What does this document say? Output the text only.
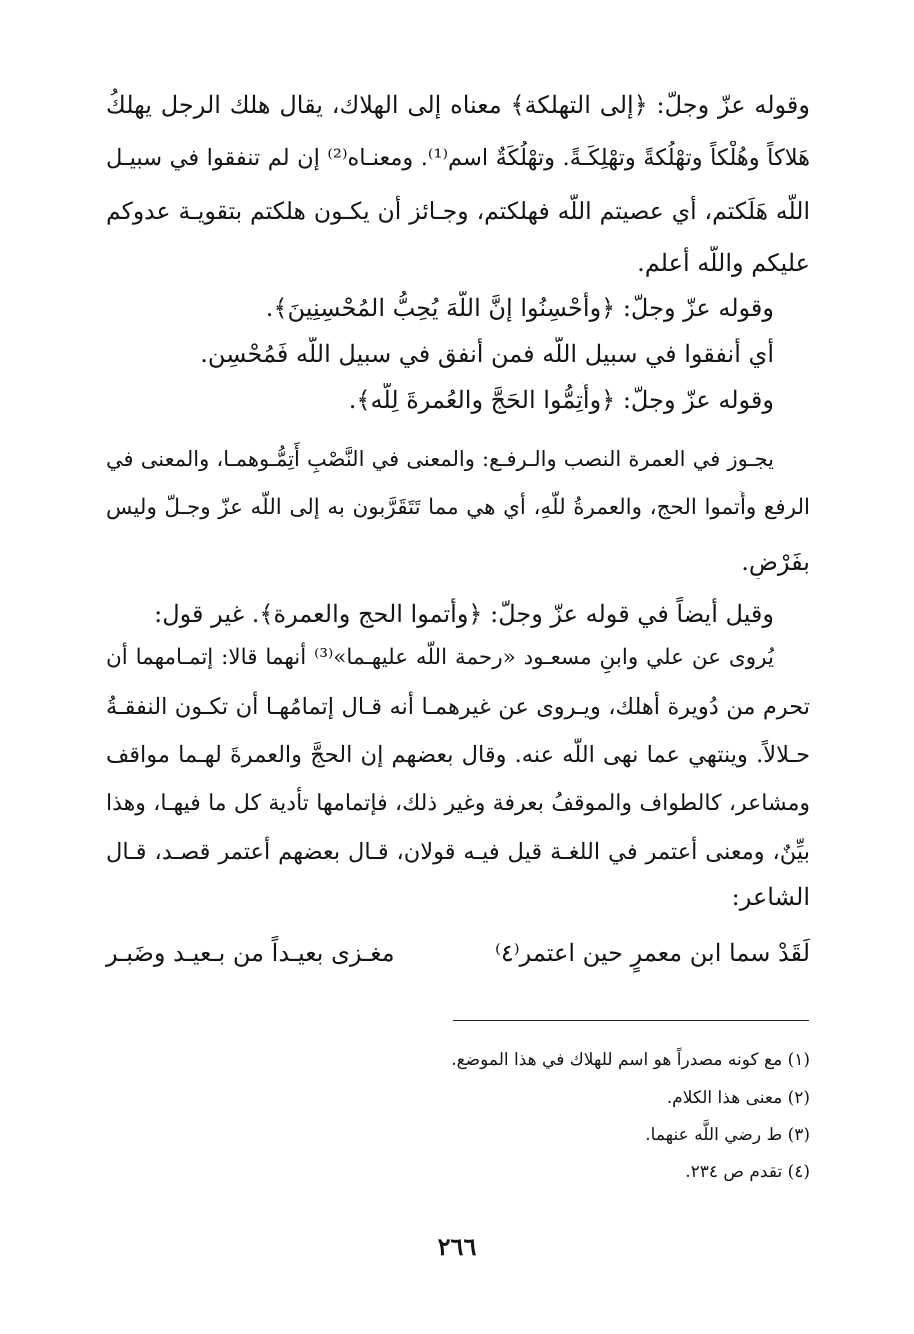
وقوله عزّ وجلّ: ﴿إلى التهلكة﴾ معناه إلى الهلاك، يقال هلك الرجل يهلكُ
هَلاكاً وهُلْكاً وتهْلُكةً وتهْلِكَـةً. وتهْلُكَةٌ اسم⁽¹⁾. ومعنـاه⁽²⁾ إن لم تنفقوا في سبيـل
اللَّه هَلَكتم، أي عصيتم اللَّه فهلكتم، وجـائز أن يكـون هلكتم بتقويـة عدوكم
عليكم واللَّه أعلم.
وقوله عزّ وجلّ: ﴿وأَحْسِنُوا إنَّ اللَّهَ يُحِبُّ المُحْسِنِينَ﴾.
أي أنفقوا في سبيل اللَّه فمن أنفق في سبيل اللَّه فَمُحْسِن.
وقوله عزّ وجلّ: ﴿وأَتِمُّوا الحَجَّ والعُمرةَ لِلَّه﴾.
يجـوز في العمرة النصب والـرفـع: والمعنى في النَّصْبِ أَتِمُّـوهمـا، والمعنى في
الرفع وأَتموا الحج، والعمرةُ للَّهِ، أي هي مما تَتَقَرَّبون به إلى اللَّه عزّ وجـلّ وليس
بفَرْضٍ.
وقيل أيضاً في قوله عزّ وجلّ: ﴿وأتموا الحج والعمرة﴾. غير قول:
يُروى عن علي وابنِ مسعـود «رحمة اللَّه عليهـما»⁽³⁾ أنهما قالا: إتمـامهما أن
تحرم من دُويرة أهلك، ويـروى عن غيرهمـا أنه قـال إتمامُهـا أن تكـون النفقـةُ
حـلالاً. وينتهي عما نهى اللَّه عنه. وقال بعضهم إن الحجَّ والعمرةَ لهـما مواقف
ومشاعر، كالطواف والموقفُ بعرفة وغير ذلك، فإتمامها تأدية كل ما فيهـا، وهذا
بيِّنٌ، ومعنى أعتمر في اللغـة قيل فيـه قولان، قـال بعضهم أعتمر قصـد، قـال
الشاعر:
لَقَدْ سما ابن معمرٍ حين اعتمر⁽٤⁾
مغـزى بعيـداً من بـعيـد وضَبـر
(١) مع كونه مصدراً هو اسم للهلاك في هذا الموضع.
(٢) معنى هذا الكلام.
(٣) ط رضي اللَّه عنهما.
(٤) تقدم ص ٢٣٤.
٢٦٦
